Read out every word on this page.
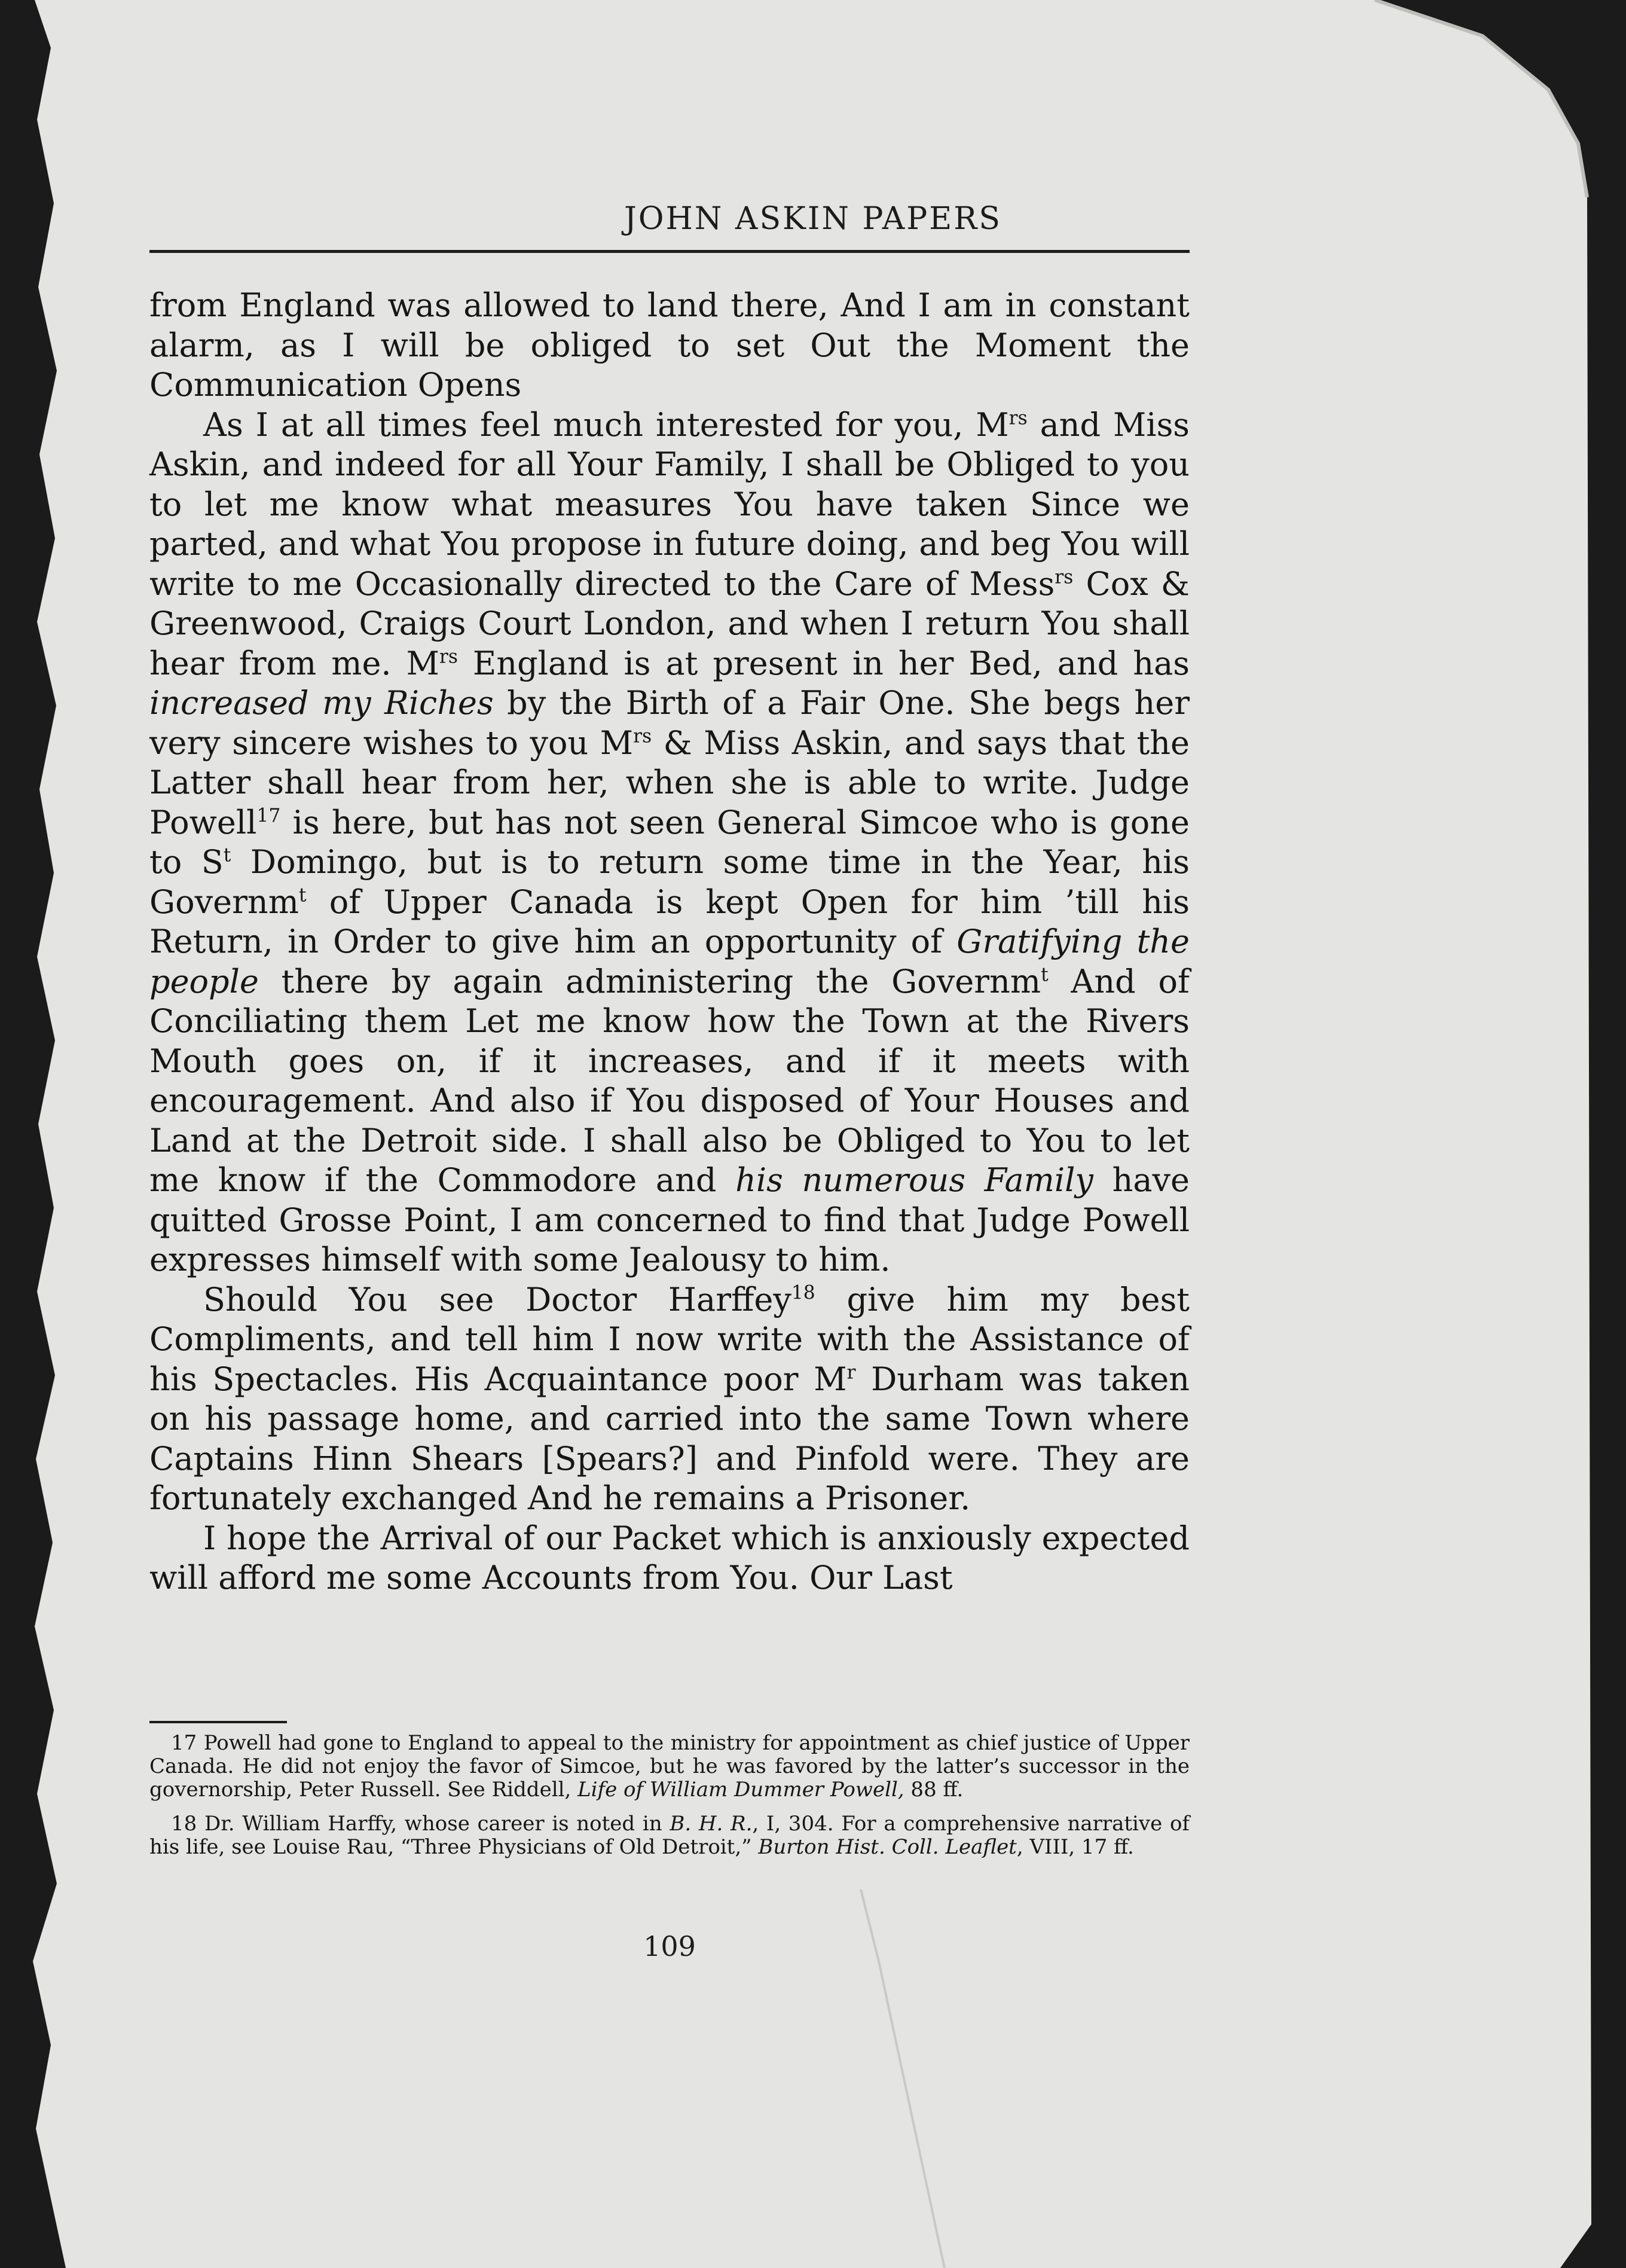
JOHN ASKIN PAPERS

from England was allowed to land there, And I am in constant alarm, as I will be obliged to set Out the Moment the Communication Opens

As I at all times feel much interested for you, $M^{rs}$ and Miss Askin, and indeed for all Your Family, I shall be Obliged to you to let me know what measures You have taken Since we parted, and what You propose in future doing, and beg You will write to me Occasionally directed to the Care of Mess$^{rs}$ Cox & Greenwood, Craigs Court London, and when I return You shall hear from me. $M^{rs}$ England is at present in her Bed, and has increased my Riches by the Birth of a Fair One. She begs her very sincere wishes to you $M^{rs}$ & Miss Askin, and says that the Latter shall hear from her, when she is able to write. Judge Powell$^{17}$ is here, but has not seen General Simcoe who is gone to $S^t$ Domingo, but is to return some time in the Year, his Governm$^t$ of Upper Canada is kept Open for him ’till his Return, in Order to give him an opportunity of Gratifying the people there by again administering the Governm$^t$ And of Conciliating them Let me know how the Town at the Rivers Mouth goes on, if it increases, and if it meets with encouragement. And also if You disposed of Your Houses and Land at the Detroit side. I shall also be Obliged to You to let me know if the Commodore and his numerous Family have quitted Grosse Point, I am concerned to find that Judge Powell expresses himself with some Jealousy to him.

Should You see Doctor Harffey$^{18}$ give him my best Compliments, and tell him I now write with the Assistance of his Spectacles. His Acquaintance poor $M^r$ Durham was taken on his passage home, and carried into the same Town where Captains Hinn Shears [Spears?] and Pinfold were. They are fortunately exchanged And he remains a Prisoner.

I hope the Arrival of our Packet which is anxiously expected will afford me some Accounts from You. Our Last

17 Powell had gone to England to appeal to the ministry for appointment as chief justice of Upper Canada. He did not enjoy the favor of Simcoe, but he was favored by the latter’s successor in the governorship, Peter Russell. See Riddell, Life of William Dummer Powell, 88 ff.

18 Dr. William Harffy, whose career is noted in B. H. R., I, 304. For a comprehensive narrative of his life, see Louise Rau, “Three Physicians of Old Detroit,” Burton Hist. Coll. Leaflet, VIII, 17 ff.

109
